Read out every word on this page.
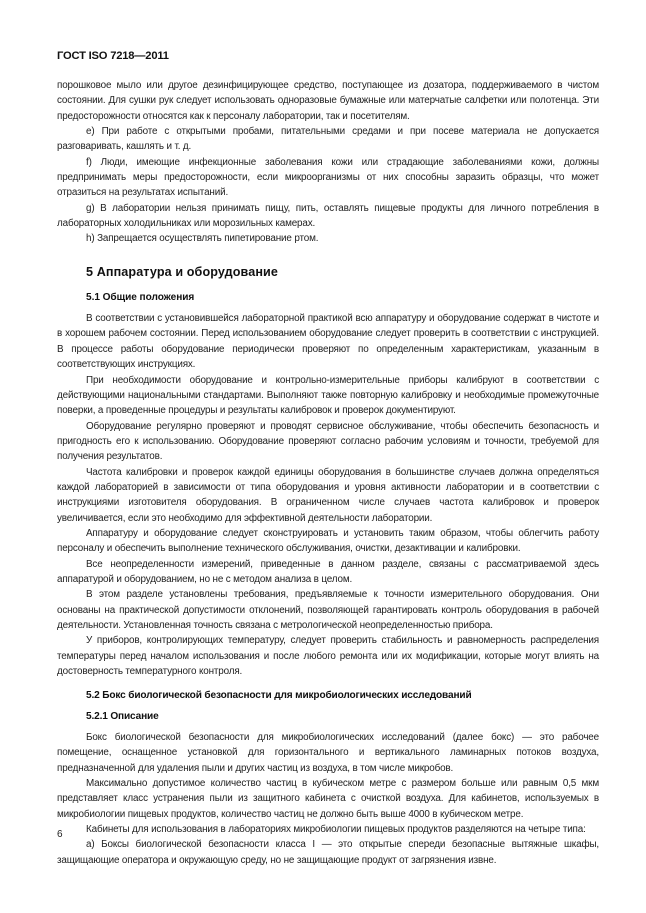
ГОСТ ISO 7218—2011

порошковое мыло или другое дезинфицирующее средство, поступающее из дозатора, поддерживаемого в чистом состоянии. Для сушки рук следует использовать одноразовые бумажные или матерчатые салфетки или полотенца. Эти предосторожности относятся как к персоналу лаборатории, так и посетителям.

e) При работе с открытыми пробами, питательными средами и при посеве материала не допускается разговаривать, кашлять и т. д.

f) Люди, имеющие инфекционные заболевания кожи или страдающие заболеваниями кожи, должны предпринимать меры предосторожности, если микроорганизмы от них способны заразить образцы, что может отразиться на результатах испытаний.

g) В лаборатории нельзя принимать пищу, пить, оставлять пищевые продукты для личного потребления в лабораторных холодильниках или морозильных камерах.

h) Запрещается осуществлять пипетирование ртом.

5 Аппаратура и оборудование

5.1 Общие положения

В соответствии с установившейся лабораторной практикой всю аппаратуру и оборудование содержат в чистоте и в хорошем рабочем состоянии. Перед использованием оборудование следует проверить в соответствии с инструкцией. В процессе работы оборудование периодически проверяют по определенным характеристикам, указанным в соответствующих инструкциях.

При необходимости оборудование и контрольно-измерительные приборы калибруют в соответствии с действующими национальными стандартами. Выполняют также повторную калибровку и необходимые промежуточные поверки, а проведенные процедуры и результаты калибровок и проверок документируют.

Оборудование регулярно проверяют и проводят сервисное обслуживание, чтобы обеспечить безопасность и пригодность его к использованию. Оборудование проверяют согласно рабочим условиям и точности, требуемой для получения результатов.

Частота калибровки и проверок каждой единицы оборудования в большинстве случаев должна определяться каждой лабораторией в зависимости от типа оборудования и уровня активности лаборатории и в соответствии с инструкциями изготовителя оборудования. В ограниченном числе случаев частота калибровок и проверок увеличивается, если это необходимо для эффективной деятельности лаборатории.

Аппаратуру и оборудование следует сконструировать и установить таким образом, чтобы облегчить работу персоналу и обеспечить выполнение технического обслуживания, очистки, дезактивации и калибровки.

Все неопределенности измерений, приведенные в данном разделе, связаны с рассматриваемой здесь аппаратурой и оборудованием, но не с методом анализа в целом.

В этом разделе установлены требования, предъявляемые к точности измерительного оборудования. Они основаны на практической допустимости отклонений, позволяющей гарантировать контроль оборудования в рабочей деятельности. Установленная точность связана с метрологической неопределенностью прибора.

У приборов, контролирующих температуру, следует проверить стабильность и равномерность распределения температуры перед началом использования и после любого ремонта или их модификации, которые могут влиять на достоверность температурного контроля.

5.2 Бокс биологической безопасности для микробиологических исследований

5.2.1 Описание

Бокс биологической безопасности для микробиологических исследований (далее бокс) — это рабочее помещение, оснащенное установкой для горизонтального и вертикального ламинарных потоков воздуха, предназначенной для удаления пыли и других частиц из воздуха, в том числе микробов.

Максимально допустимое количество частиц в кубическом метре с размером больше или равным 0,5 мкм представляет класс устранения пыли из защитного кабинета с очисткой воздуха. Для кабинетов, используемых в микробиологии пищевых продуктов, количество частиц не должно быть выше 4000 в кубическом метре.

Кабинеты для использования в лабораториях микробиологии пищевых продуктов разделяются на четыре типа:

а) Боксы биологической безопасности класса I — это открытые спереди безопасные вытяжные шкафы, защищающие оператора и окружающую среду, но не защищающие продукт от загрязнения извне.

6
